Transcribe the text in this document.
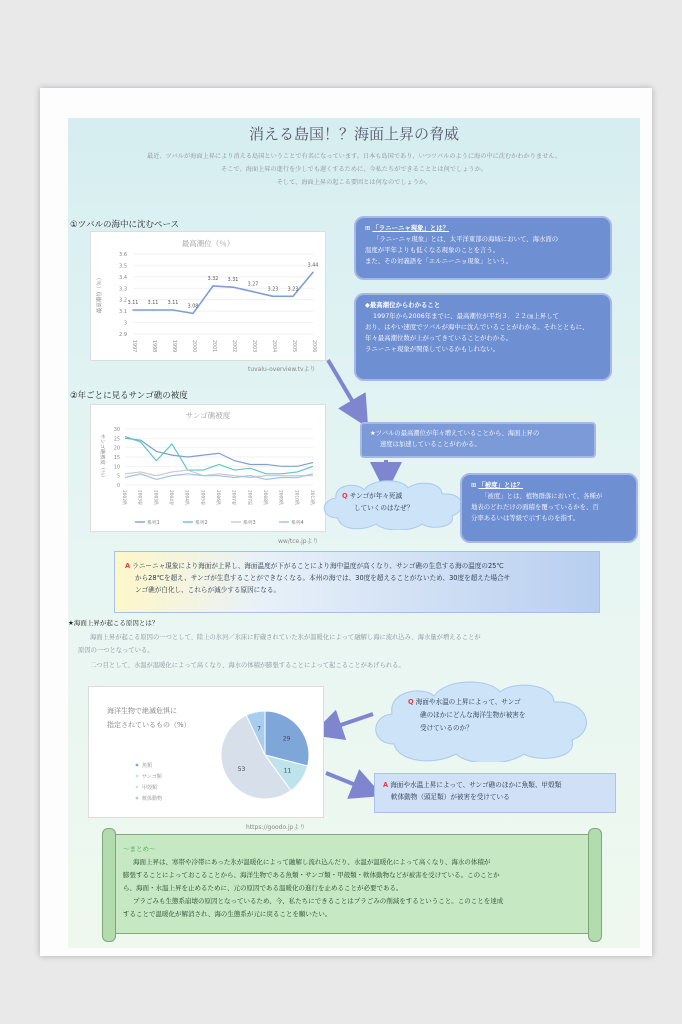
消える島国！？海面上昇の脅威
最近、ツバルが海面上昇により消える島国ということで有名になっています。日本も島国であり、いつツバルのように海の中に沈むかわかりません。
そこで、海面上昇の進行を少しでも遅くするために、今私たちができることとは何でしょうか。
そして、海面上昇の起こる要因とは何なのでしょうか。
①ツバルの海中に沈むペース
最高潮位（％）
2.9
3
3.1
3.2
3.3
3.4
3.5
3.6
1997	1998	1999	2000	2001	2002	2003	2004	2005	2006
最高潮位（％）	3.11 3.11 3.11
3.08
3.32 3.31
3.27
3.23 3.23
3.44
tuvalu-overview.tvより
②年ごとに見るサンゴ礁の被度
サンゴ礁被度
0
5
10
15
20
25
30
2002秋	2003春	2003秋	2004春	2004秋	2005春	2006秋	2007春	2007夏	2008秋	2009秋	2010秋	2013秋
サンゴ礁被度（％）
系列1	系列2	系列3	系列4
ww/tce.jpより
⊞ 「ラニーニャ現象」とは？
「ラニーニャ現象」とは、太平洋東部の海域において、海水面の
温度が平年よりも低くなる現象のことを言う。
また、その対義語を「エルニーニョ現象」という。
◆最高潮位からわかること
1997年から2006年までに、最高潮位が平均３．２２㎝上昇して
おり、はやい速度でツバルが海中に沈んでいることがわかる。それとともに、
年々最高潮位数が上がってきていることがわかる。
ラニーニャ現象が関係しているかもしれない。
★ツバルの最高潮位が年々増えていることから、海面上昇の
速度は加速していることがわかる。
Q サンゴが年々死滅
していくのはなぜ？
⊞ 「被度」とは？
「被度」とは、植物群落において、各種が
地表のどれだけの面積を覆っているかを、百
分率あるいは等級で示すものを指す。
A ラニーニャ現象により海面が上昇し、海面温度が下がることにより海中温度が高くなり、サンゴ礁の生息する海の温度の25℃
から28℃を超え、サンゴが生息することができなくなる。本州の海では、30度を超えることがないため、30度を超えた場合サ
ンゴ礁が白化し、これらが減少する原因になる。
★海面上昇が起こる原因とは？
海面上昇が起こる原因の一つとして、陸上の氷河／氷床に貯蔵されていた氷が温暖化によって融解し海に流れ込み、海水量が増えることが
原因の一つとなっている。
二つ目として、水温が温暖化によって高くなり、海水の体積が膨張することによって起こることがあげられる。
海洋生物で絶滅危惧に
指定されているもの（%）
29
魚類
11
サンゴ類
53
甲殻類
7
軟体動物
https://goodo.jpより
Q 海面や水温の上昇によって、サンゴ
礁のほかにどんな海洋生物が被害を
受けているのか？
A 海面や水温上昇によって、サンゴ礁のほかに魚類、甲殻類
軟体動物（頭足類）が被害を受けている
～まとめ～
海面上昇は、寒帯や冷帯にあった氷が温暖化によって融解し流れ込んだり、水温が温暖化によって高くなり、海水の体積が
膨張することによっておこることから、海洋生物である魚類・サンゴ類・甲殻類・軟体動物などが被害を受けている。このことか
ら、海面・水温上昇を止めるために、元の原因である温暖化の進行を止めることが必要である。
プラごみも生態系崩壊の原因となっているため、今、私たちにできることはプラごみの削減をするということ。このことを達成
することで温暖化が解消され、海の生態系が元に戻ることを願いたい。
